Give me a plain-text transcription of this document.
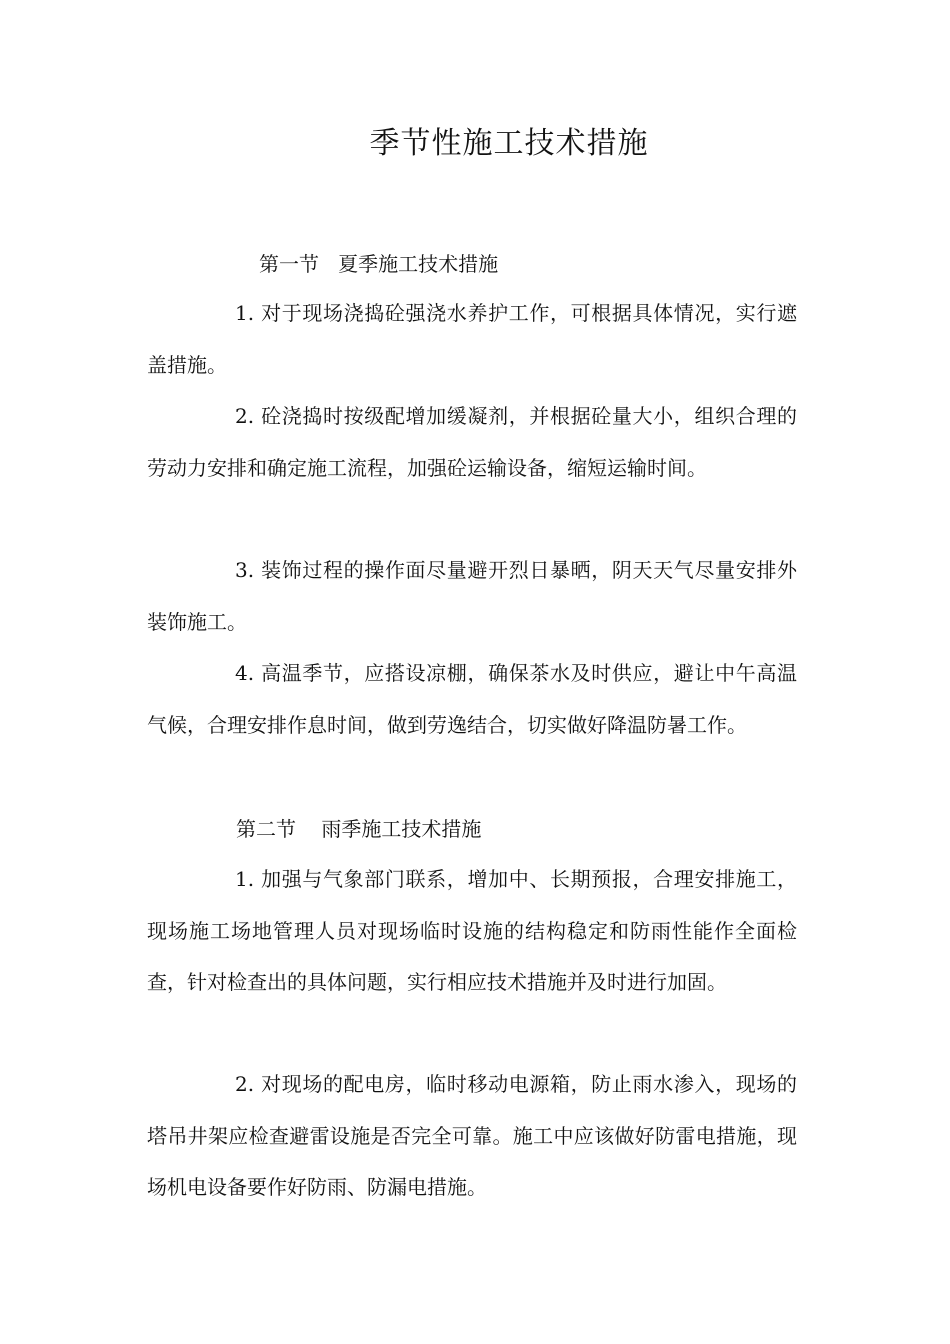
季节性施工技术措施
第一节   夏季施工技术措施

1. 对于现场浇捣砼强浇水养护工作，可根据具体情况，实行遮盖措施。

2. 砼浇捣时按级配增加缓凝剂，并根据砼量大小，组织合理的劳动力安排和确定施工流程，加强砼运输设备，缩短运输时间。

3. 装饰过程的操作面尽量避开烈日暴晒，阴天天气尽量安排外装饰施工。

4. 高温季节，应搭设凉棚，确保茶水及时供应，避让中午高温气候，合理安排作息时间，做到劳逸结合，切实做好降温防暑工作。

第二节    雨季施工技术措施

1. 加强与气象部门联系，增加中、长期预报，合理安排施工，现场施工场地管理人员对现场临时设施的结构稳定和防雨性能作全面检查，针对检查出的具体问题，实行相应技术措施并及时进行加固。

2. 对现场的配电房，临时移动电源箱，防止雨水渗入，现场的塔吊井架应检查避雷设施是否完全可靠。施工中应该做好防雷电措施，现场机电设备要作好防雨、防漏电措施。
